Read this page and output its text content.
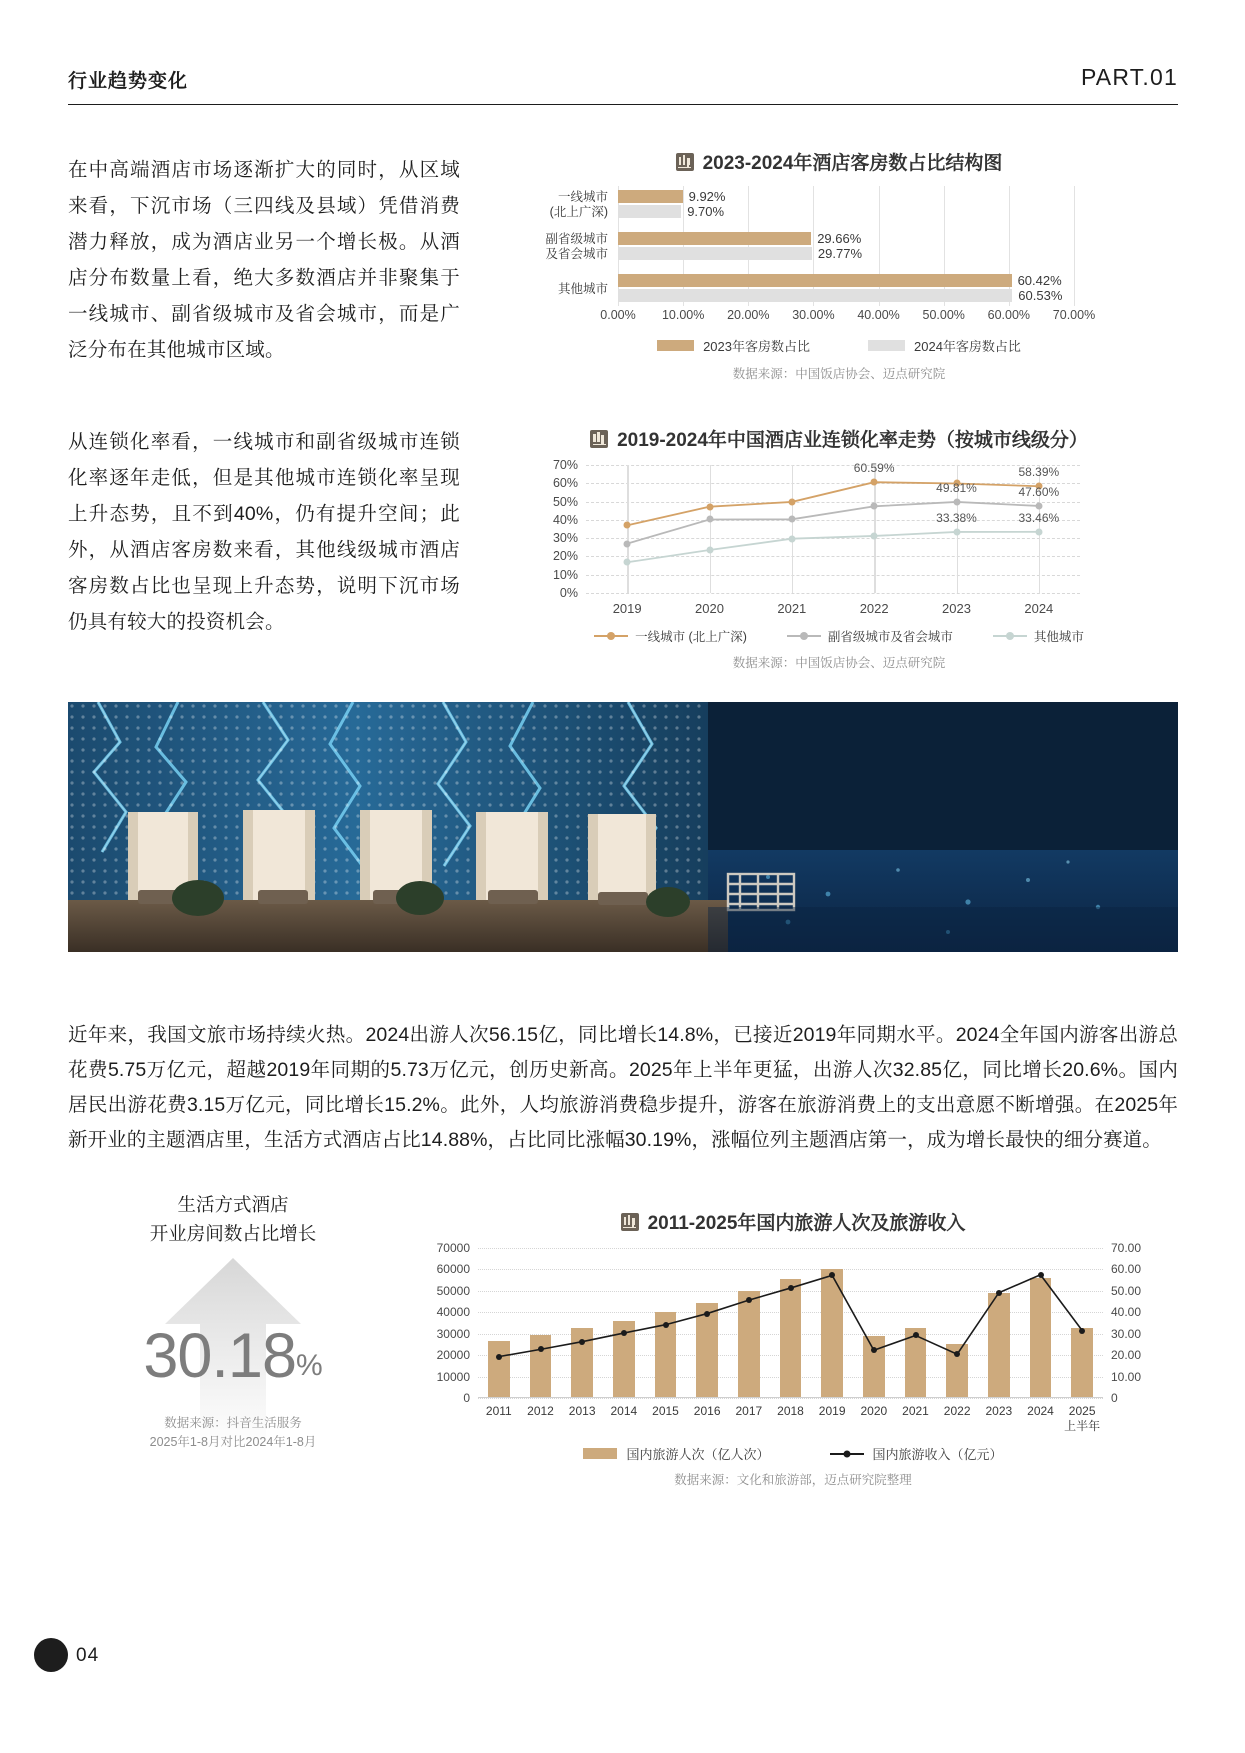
行业趋势变化	PART.01
在中高端酒店市场逐渐扩大的同时，从区域来看，下沉市场（三四线及县域）凭借消费潜力释放，成为酒店业另一个增长极。从酒店分布数量上看，绝大多数酒店并非聚集于一线城市、副省级城市及省会城市，而是广泛分布在其他城市区域。
从连锁化率看，一线城市和副省级城市连锁化率逐年走低，但是其他城市连锁化率呈现上升态势，且不到40%，仍有提升空间；此外，从酒店客房数来看，其他线级城市酒店客房数占比也呈现上升态势，说明下沉市场仍具有较大的投资机会。
2023-2024年酒店客房数占比结构图
一线城市
(北上广深)
9.92%
9.70%
副省级城市
及省会城市
29.66%
29.77%
其他城市
60.42%
60.53%
0.00% 10.00% 20.00% 30.00% 40.00% 50.00% 60.00% 70.00%
2023年客房数占比	2024年客房数占比
数据来源：中国饭店协会、迈点研究院
2019-2024年中国酒店业连锁化率走势（按城市线级分）
70%
60%
50%
40%
30%
20%
10%
0%
2019	2020	2021	2022	2023	2024
60.59%	58.39%
49.81%	47.60%
33.38%	33.46%
一线城市 (北上广深)	副省级城市及省会城市	其他城市
数据来源：中国饭店协会、迈点研究院
近年来，我国文旅市场持续火热。2024出游人次56.15亿，同比增长14.8%，已接近2019年同期水平。2024全年国内游客出游总花费5.75万亿元，超越2019年同期的5.73万亿元，创历史新高。2025年上半年更猛，出游人次32.85亿，同比增长20.6%。国内居民出游花费3.15万亿元，同比增长15.2%。此外，人均旅游消费稳步提升，游客在旅游消费上的支出意愿不断增强。在2025年新开业的主题酒店里，生活方式酒店占比14.88%，占比同比涨幅30.19%，涨幅位列主题酒店第一，成为增长最快的细分赛道。
生活方式酒店
开业房间数占比增长
30.18%
数据来源：抖音生活服务
2025年1-8月对比2024年1-8月
2011-2025年国内旅游人次及旅游收入
70000	70.00
60000	60.00
50000	50.00
40000	40.00
30000	30.00
20000	20.00
10000	10.00
0	0
2011 2012 2013 2014 2015 2016 2017 2018 2019 2020 2021 2022 2023 2024	2025
上半年
国内旅游人次（亿人次）	国内旅游收入（亿元）
数据来源：文化和旅游部，迈点研究院整理
04
